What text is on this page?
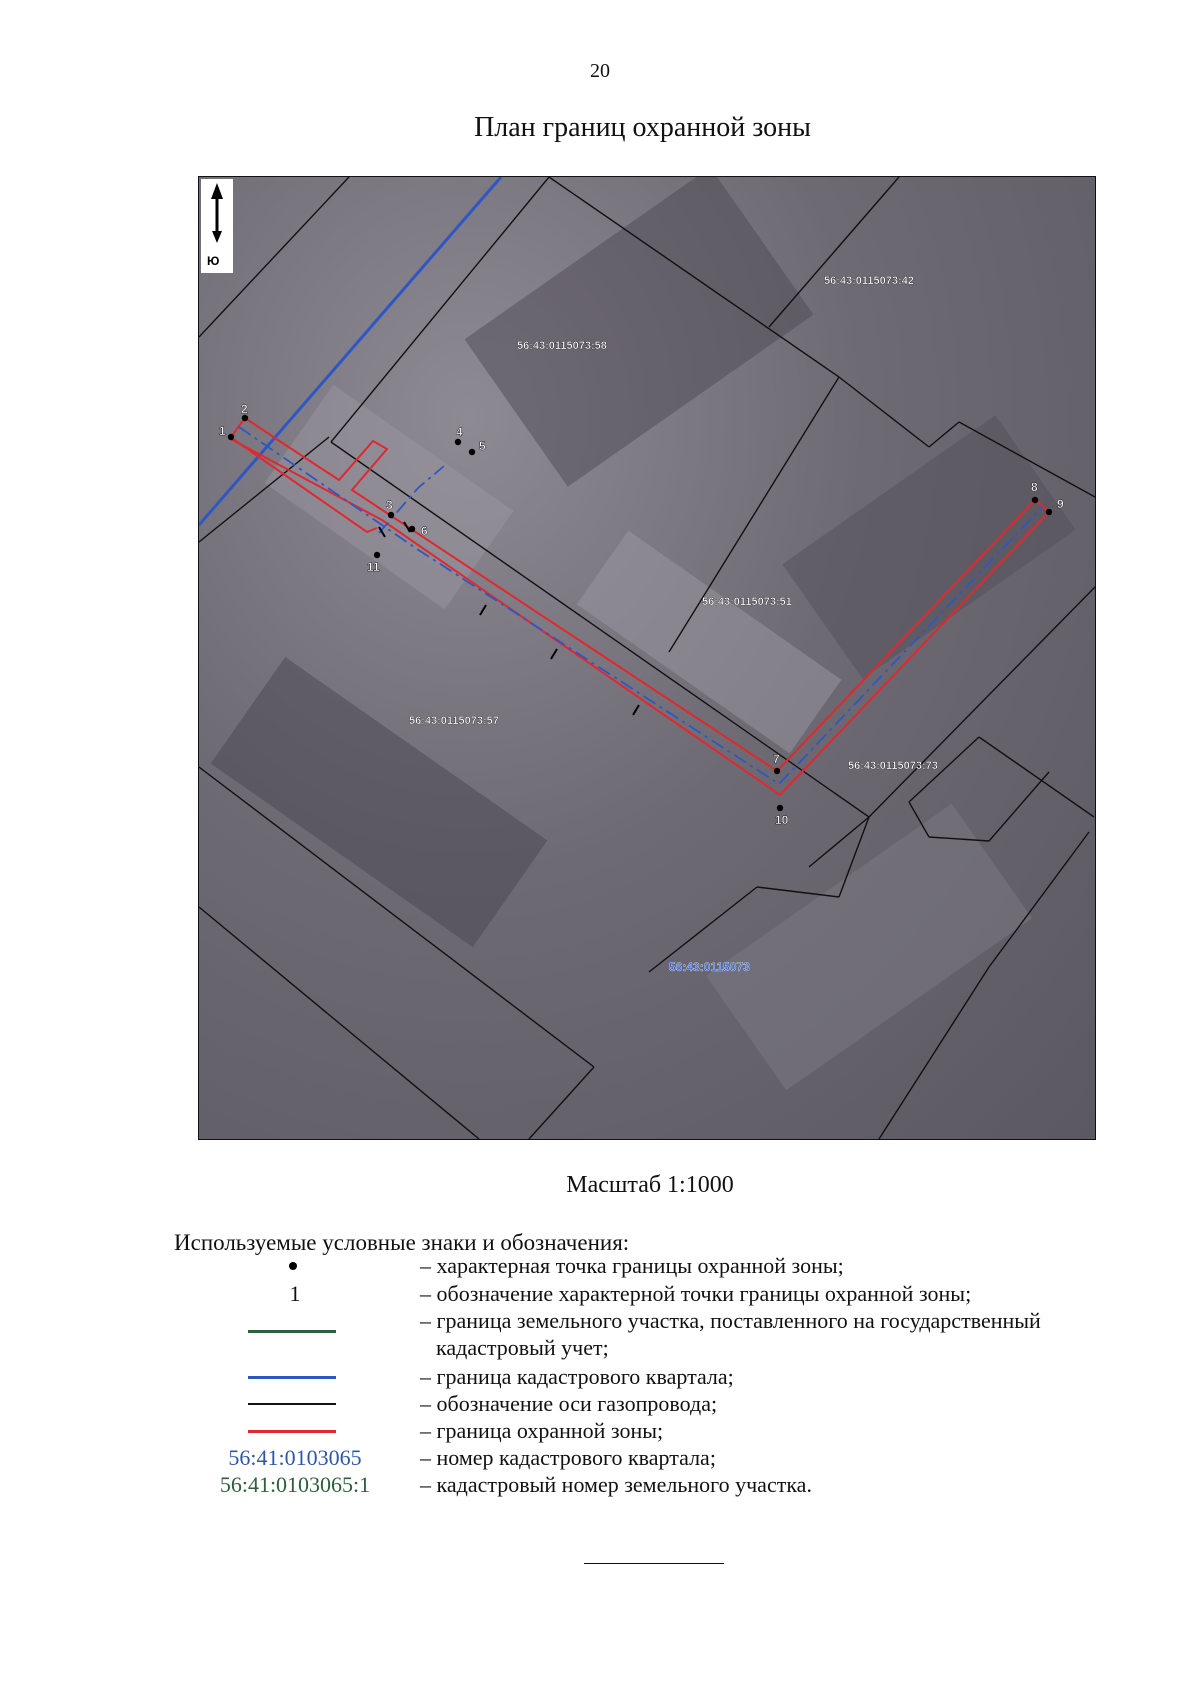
20
План границ охранной зоны
1
2
3
4
5
6
7
8
9
10
11
56:43:0115073:42
56:43:0115073:58
56:43:0115073:51
56:43:0115073:57
56:43:0115073:73
56:43:0115073
Ю
Масштаб 1:1000
Используемые условные знаки и обозначения:
– характерная точка границы охранной зоны;
1	– обозначение характерной точки границы охранной зоны;
– граница земельного участка, поставленного на государственный
кадастровый учет;
– граница кадастрового квартала;
– обозначение оси газопровода;
– граница охранной зоны;
56:41:0103065	– номер кадастрового квартала;
56:41:0103065:1	– кадастровый номер земельного участка.
